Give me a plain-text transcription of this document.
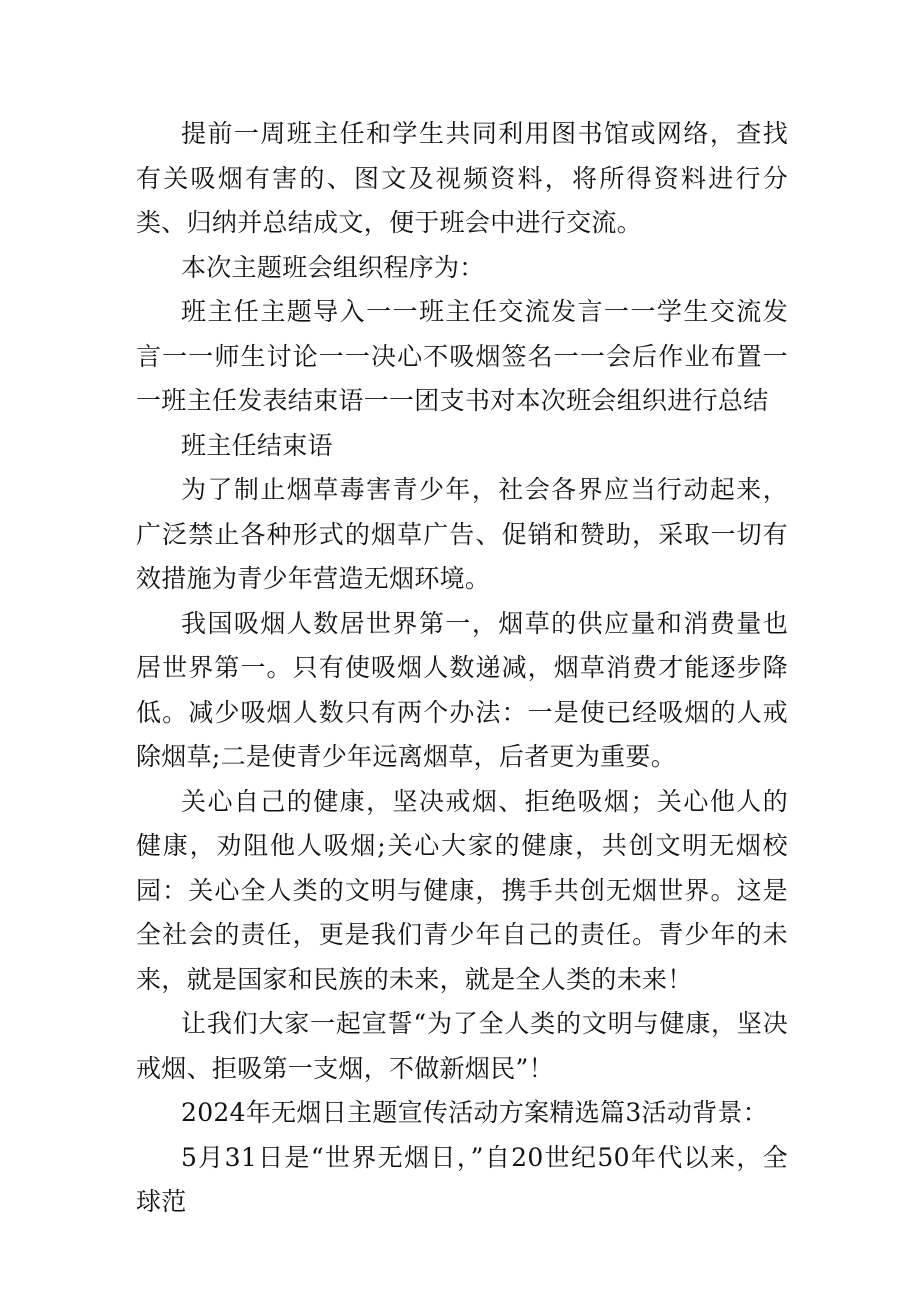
提前一周班主任和学生共同利用图书馆或网络，查找有关吸烟有害的、图文及视频资料，将所得资料进行分类、归纳并总结成文，便于班会中进行交流。

本次主题班会组织程序为：

班主任主题导入一一班主任交流发言一一学生交流发言一一师生讨论一一决心不吸烟签名一一会后作业布置一一班主任发表结束语一一团支书对本次班会组织进行总结

班主任结束语

为了制止烟草毒害青少年，社会各界应当行动起来，广泛禁止各种形式的烟草广告、促销和赞助，采取一切有效措施为青少年营造无烟环境。

我国吸烟人数居世界第一，烟草的供应量和消费量也居世界第一。只有使吸烟人数递减，烟草消费才能逐步降低。减少吸烟人数只有两个办法：一是使已经吸烟的人戒除烟草;二是使青少年远离烟草，后者更为重要。

关心自己的健康，坚决戒烟、拒绝吸烟；关心他人的健康，劝阻他人吸烟;关心大家的健康，共创文明无烟校园：关心全人类的文明与健康，携手共创无烟世界。这是全社会的责任，更是我们青少年自己的责任。青少年的未来，就是国家和民族的未来，就是全人类的未来！

让我们大家一起宣誓“为了全人类的文明与健康，坚决戒烟、拒吸第一支烟，不做新烟民”！

2024年无烟日主题宣传活动方案精选篇3活动背景：

5月31日是“世界无烟日，”自20世纪50年代以来，全球范
